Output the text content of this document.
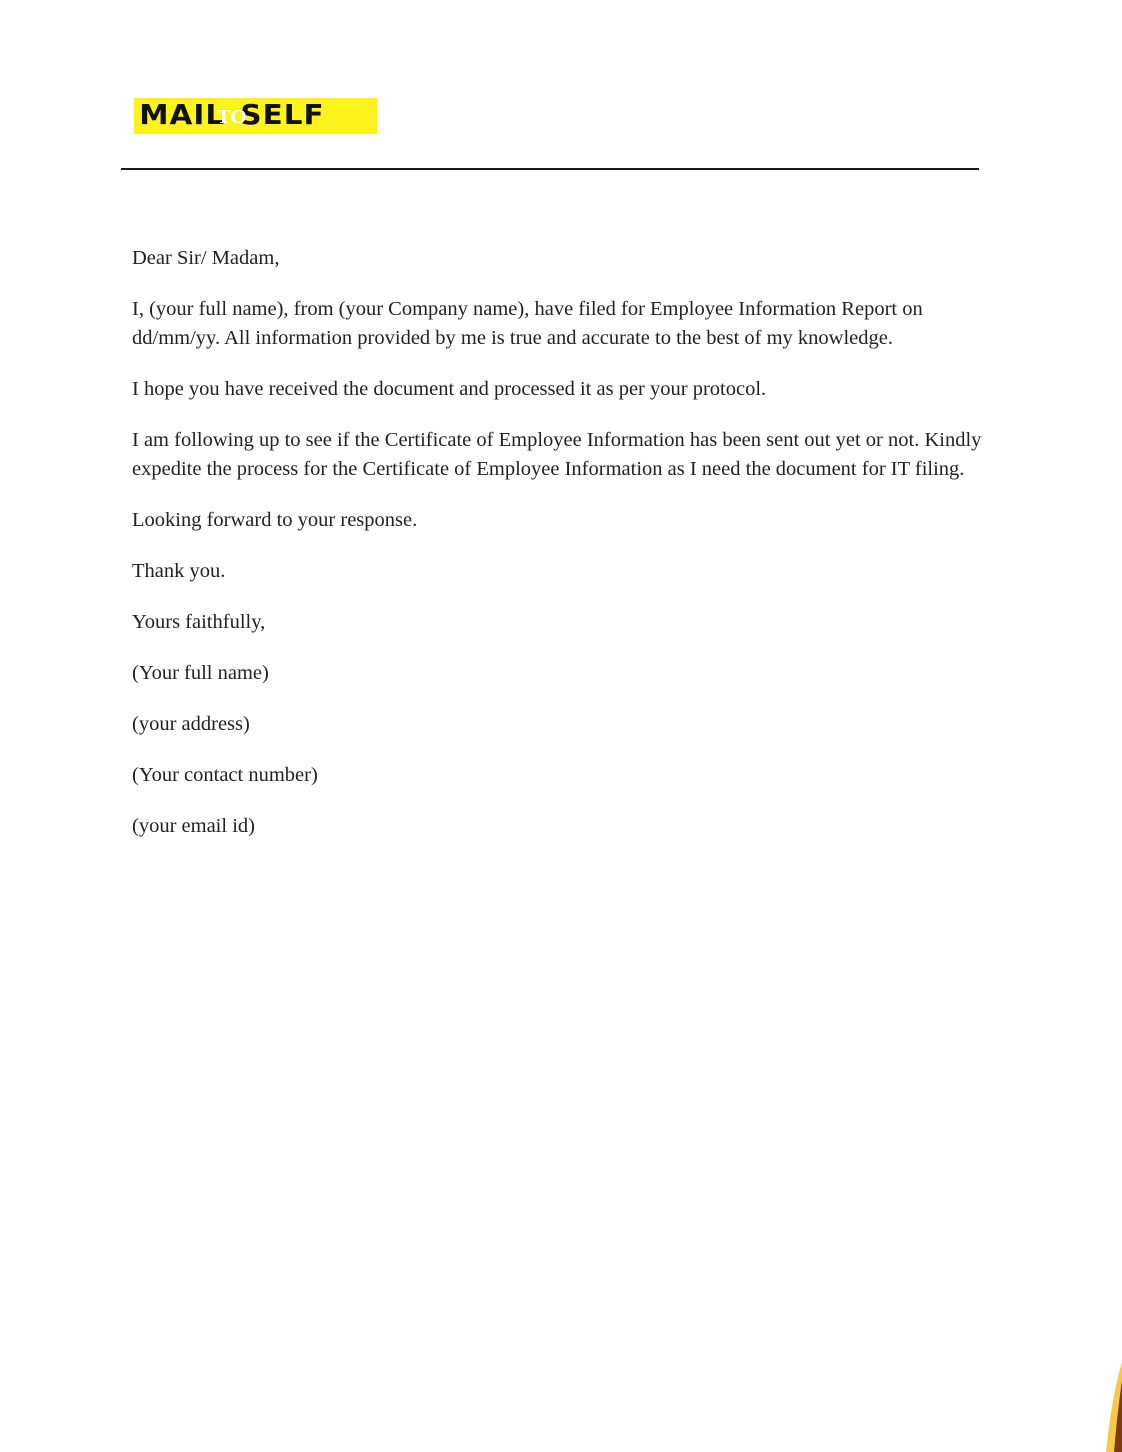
MAILTOSELF

Dear Sir/ Madam,

I, (your full name), from (your Company name), have filed for Employee Information Report on dd/mm/yy. All information provided by me is true and accurate to the best of my knowledge.

I hope you have received the document and processed it as per your protocol.

I am following up to see if the Certificate of Employee Information has been sent out yet or not. Kindly expedite the process for the Certificate of Employee Information as I need the document for IT filing.

Looking forward to your response.

Thank you.

Yours faithfully,

(Your full name)

(your address)

(Your contact number)

(your email id)
